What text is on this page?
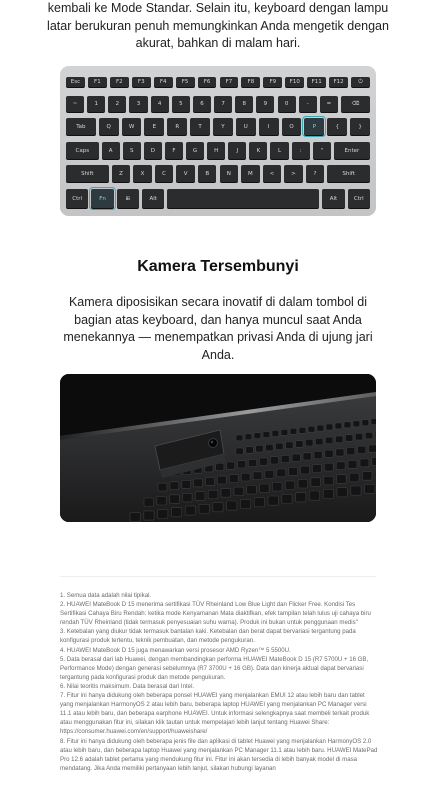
kembali ke Mode Standar. Selain itu, keyboard dengan lampu latar berukuran penuh memungkinkan Anda mengetik dengan akurat, bahkan di malam hari.
Esc	F1	F2	F3	F4	F5	F6	F7	F8	F9	F10	F11	F12	⏻
~	1	2	3	4	5	6	7	8	9	0	-	=	⌫
Tab	Q	W	E	R	T	Y	U	I	O	P	{	}
Caps	A	S	D	F	G	H	J	K	L	:	"	Enter
Shift	Z	X	C	V	B	N	M	<	>	?	Shift
Ctrl	Fn	⊞	Alt	Alt	Ctrl
Kamera Tersembunyi

Kamera diposisikan secara inovatif di dalam tombol di bagian atas keyboard, dan hanya muncul saat Anda menekannya — menempatkan privasi Anda di ujung jari Anda.

1. Semua data adalah nilai tipikal.

2. HUAWEI MateBook D 15 menerima sertifikasi TÜV Rheinland Low Blue Light dan Flicker Free. Kondisi Tes Sertifikasi Cahaya Biru Rendah: ketika mode Kenyamanan Mata diaktifkan, efek tampilan telah lulus uji cahaya biru rendah TÜV Rheinland (tidak termasuk penyesuaian suhu warna). Produk ini bukan untuk penggunaan medis"

3. Ketebalan yang diukur tidak termasuk bantalan kaki. Ketebalan dan berat dapat bervariasi tergantung pada konfigurasi produk tertentu, teknik pembuatan, dan metode pengukuran.

4. HUAWEI MateBook D 15 juga menawarkan versi prosesor AMD Ryzen™ 5 5500U.

5. Data berasal dari lab Huawei, dengan membandingkan performa HUAWEI MateBook D 15 (R7 5700U + 16 GB, Performance Mode) dengan generasi sebelumnya (R7 3700U + 16 GB). Data dan kinerja aktual dapat bervariasi tergantung pada konfigurasi produk dan metode pengukuran.

6. Nilai teoritis maksimum. Data berasal dari Intel.

7. Fitur ini hanya didukung oleh beberapa ponsel HUAWEI yang menjalankan EMUI 12 atau lebih baru dan tablet yang menjalankan HarmonyOS 2 atau lebih baru, beberapa laptop HUAWEI yang menjalankan PC Manager versi 11.1 atau lebih baru, dan beberapa earphone HUAWEI. Untuk informasi selengkapnya saat membeli terkait produk atau menggunakan fitur ini, silakan klik tautan untuk mempelajari lebih lanjut tentang Huawei Share: https://consumer.huawei.com/en/support/huaweishare/

8. Fitur ini hanya didukung oleh beberapa jenis file dan aplikasi di tablet Huawei yang menjalankan HarmonyOS 2.0 atau lebih baru, dan beberapa laptop Huawei yang menjalankan PC Manager 11.1 atau lebih baru. HUAWEI MatePad Pro 12.6 adalah tablet pertama yang mendukung fitur ini. Fitur ini akan tersedia di lebih banyak model di masa mendatang. Jika Anda memiliki pertanyaan lebih lanjut, silakan hubungi layanan
